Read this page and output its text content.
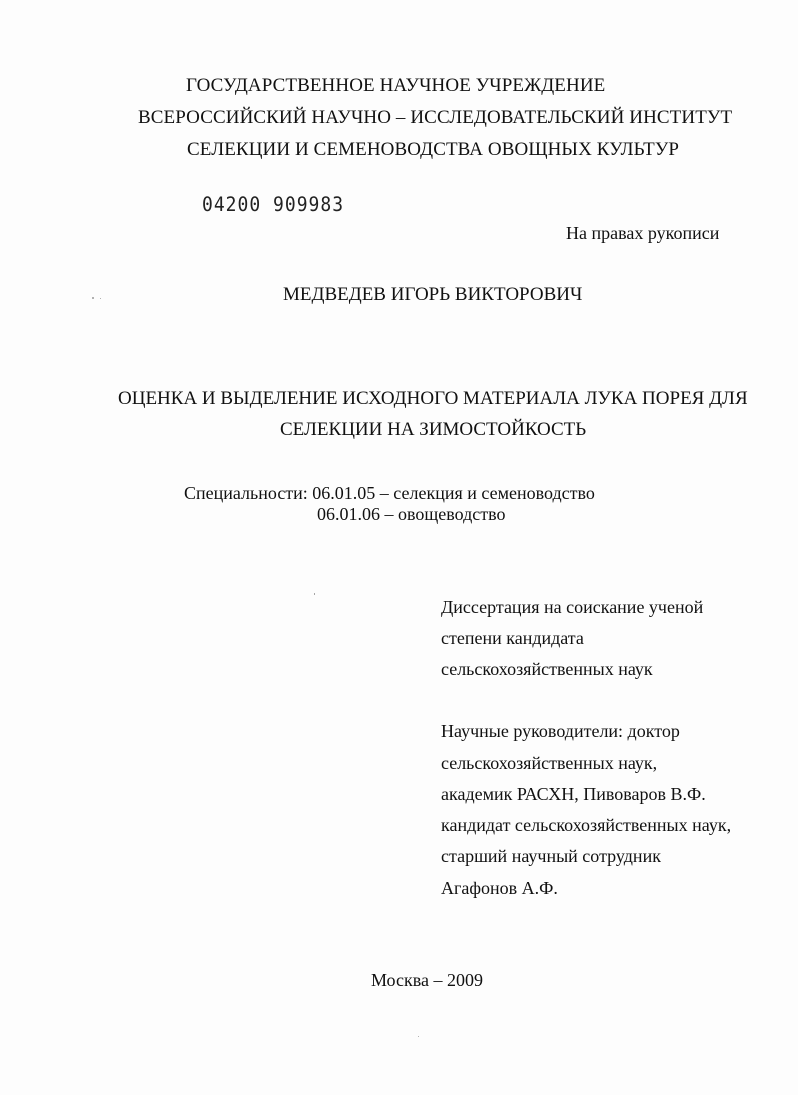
ГОСУДАРСТВЕННОЕ НАУЧНОЕ УЧРЕЖДЕНИЕ
ВСЕРОССИЙСКИЙ НАУЧНО – ИССЛЕДОВАТЕЛЬСКИЙ ИНСТИТУТ
СЕЛЕКЦИИ И СЕМЕНОВОДСТВА ОВОЩНЫХ КУЛЬТУР
04200 909983
На правах рукописи
МЕДВЕДЕВ ИГОРЬ ВИКТОРОВИЧ
ОЦЕНКА И ВЫДЕЛЕНИЕ ИСХОДНОГО МАТЕРИАЛА ЛУКА ПОРЕЯ ДЛЯ
СЕЛЕКЦИИ НА ЗИМОСТОЙКОСТЬ
Специальности: 06.01.05 – селекция и семеноводство
06.01.06 – овощеводство
Диссертация на соискание ученой
степени кандидата
сельскохозяйственных наук
Научные руководители: доктор
сельскохозяйственных наук,
академик РАСХН, Пивоваров В.Ф.
кандидат сельскохозяйственных наук,
старший научный сотрудник
Агафонов А.Ф.
Москва – 2009
